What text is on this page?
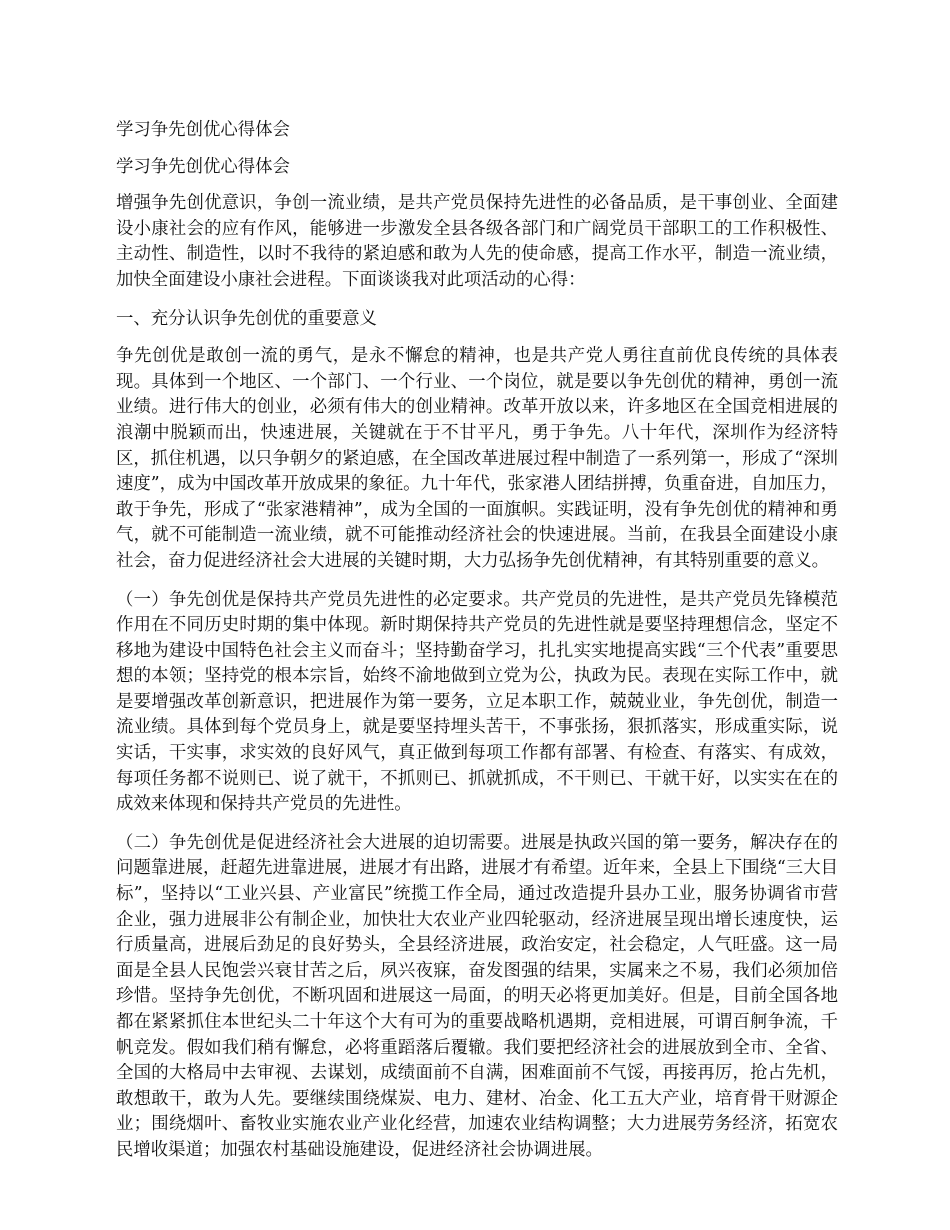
学习争先创优心得体会

学习争先创优心得体会

增强争先创优意识，争创一流业绩，是共产党员保持先进性的必备品质，是干事创业、全面建设小康社会的应有作风，能够进一步激发全县各级各部门和广阔党员干部职工的工作积极性、主动性、制造性，以时不我待的紧迫感和敢为人先的使命感，提高工作水平，制造一流业绩，加快全面建设小康社会进程。下面谈谈我对此项活动的心得：

一、充分认识争先创优的重要意义

争先创优是敢创一流的勇气，是永不懈怠的精神，也是共产党人勇往直前优良传统的具体表现。具体到一个地区、一个部门、一个行业、一个岗位，就是要以争先创优的精神，勇创一流业绩。进行伟大的创业，必须有伟大的创业精神。改革开放以来，许多地区在全国竞相进展的浪潮中脱颖而出，快速进展，关键就在于不甘平凡，勇于争先。八十年代，深圳作为经济特区，抓住机遇，以只争朝夕的紧迫感，在全国改革进展过程中制造了一系列第一，形成了“深圳速度”，成为中国改革开放成果的象征。九十年代，张家港人团结拼搏，负重奋进，自加压力，敢于争先，形成了“张家港精神”，成为全国的一面旗帜。实践证明，没有争先创优的精神和勇气，就不可能制造一流业绩，就不可能推动经济社会的快速进展。当前，在我县全面建设小康社会，奋力促进经济社会大进展的关键时期，大力弘扬争先创优精神，有其特别重要的意义。

（一）争先创优是保持共产党员先进性的必定要求。共产党员的先进性，是共产党员先锋模范作用在不同历史时期的集中体现。新时期保持共产党员的先进性就是要坚持理想信念，坚定不移地为建设中国特色社会主义而奋斗；坚持勤奋学习，扎扎实实地提高实践“三个代表”重要思想的本领；坚持党的根本宗旨，始终不渝地做到立党为公，执政为民。表现在实际工作中，就是要增强改革创新意识，把进展作为第一要务，立足本职工作，兢兢业业，争先创优，制造一流业绩。具体到每个党员身上，就是要坚持埋头苦干，不事张扬，狠抓落实，形成重实际，说实话，干实事，求实效的良好风气，真正做到每项工作都有部署、有检查、有落实、有成效，每项任务都不说则已、说了就干，不抓则已、抓就抓成，不干则已、干就干好，以实实在在的成效来体现和保持共产党员的先进性。

（二）争先创优是促进经济社会大进展的迫切需要。进展是执政兴国的第一要务，解决存在的问题靠进展，赶超先进靠进展，进展才有出路，进展才有希望。近年来，全县上下围绕“三大目标”，坚持以“工业兴县、产业富民”统揽工作全局，通过改造提升县办工业，服务协调省市营企业，强力进展非公有制企业，加快壮大农业产业四轮驱动，经济进展呈现出增长速度快，运行质量高，进展后劲足的良好势头，全县经济进展，政治安定，社会稳定，人气旺盛。这一局面是全县人民饱尝兴衰甘苦之后，夙兴夜寐，奋发图强的结果，实属来之不易，我们必须加倍珍惜。坚持争先创优，不断巩固和进展这一局面，的明天必将更加美好。但是，目前全国各地都在紧紧抓住本世纪头二十年这个大有可为的重要战略机遇期，竞相进展，可谓百舸争流，千帆竞发。假如我们稍有懈怠，必将重蹈落后覆辙。我们要把经济社会的进展放到全市、全省、全国的大格局中去审视、去谋划，成绩面前不自满，困难面前不气馁，再接再厉，抢占先机，敢想敢干，敢为人先。要继续围绕煤炭、电力、建材、冶金、化工五大产业，培育骨干财源企业；围绕烟叶、畜牧业实施农业产业化经营，加速农业结构调整；大力进展劳务经济，拓宽农民增收渠道；加强农村基础设施建设，促进经济社会协调进展。
